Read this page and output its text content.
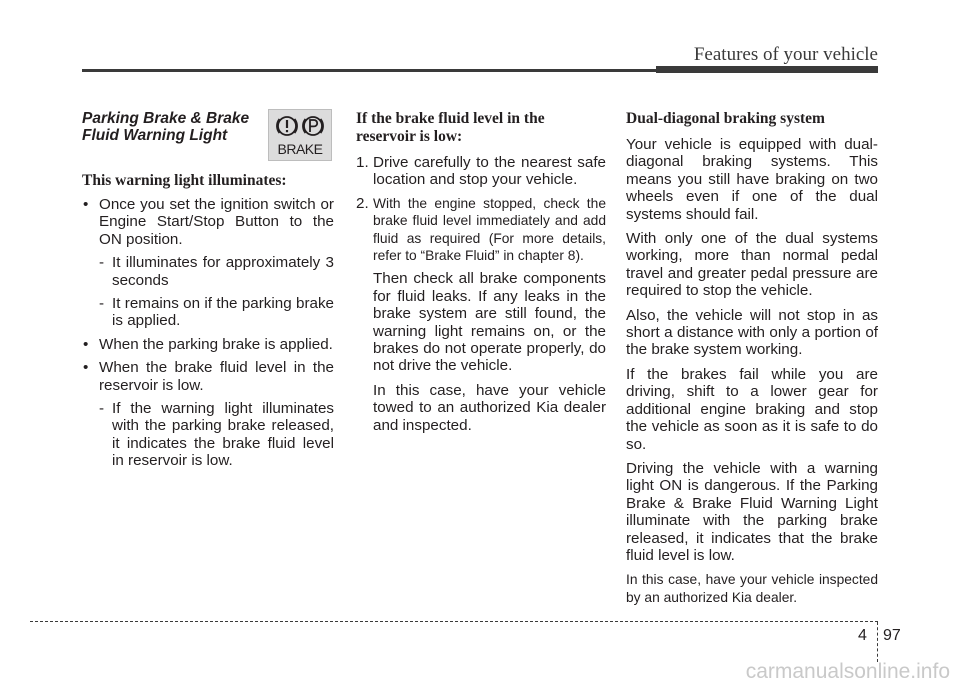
Features of your vehicle
Parking Brake & Brake Fluid Warning Light
BRAKE
This warning light illuminates:
• Once you set the ignition switch or Engine Start/Stop Button to the ON position.
- It illuminates for approximately 3 seconds
- It remains on if the parking brake is applied.
• When the parking brake is applied.
• When the brake fluid level in the reservoir is low.
- If the warning light illuminates with the parking brake released, it indicates the brake fluid level in reservoir is low.
If the brake fluid level in the reservoir is low:
1. Drive carefully to the nearest safe location and stop your vehicle.
2. With the engine stopped, check the brake fluid level immediately and add fluid as required (For more details, refer to “Brake Fluid” in chapter 8).

Then check all brake components for fluid leaks. If any leaks in the brake system are still found, the warning light remains on, or the brakes do not operate properly, do not drive the vehicle.

In this case, have your vehicle towed to an authorized Kia dealer and inspected.

Dual-diagonal braking system

Your vehicle is equipped with dual-diagonal braking systems. This means you still have braking on two wheels even if one of the dual systems should fail.

With only one of the dual systems working, more than normal pedal travel and greater pedal pressure are required to stop the vehicle.

Also, the vehicle will not stop in as short a distance with only a portion of the brake system working.

If the brakes fail while you are driving, shift to a lower gear for additional engine braking and stop the vehicle as soon as it is safe to do so.

Driving the vehicle with a warning light ON is dangerous. If the Parking Brake & Brake Fluid Warning Light illuminate with the parking brake released, it indicates that the brake fluid level is low.

In this case, have your vehicle inspected by an authorized Kia dealer.

4 97
carmanualsonline.info
